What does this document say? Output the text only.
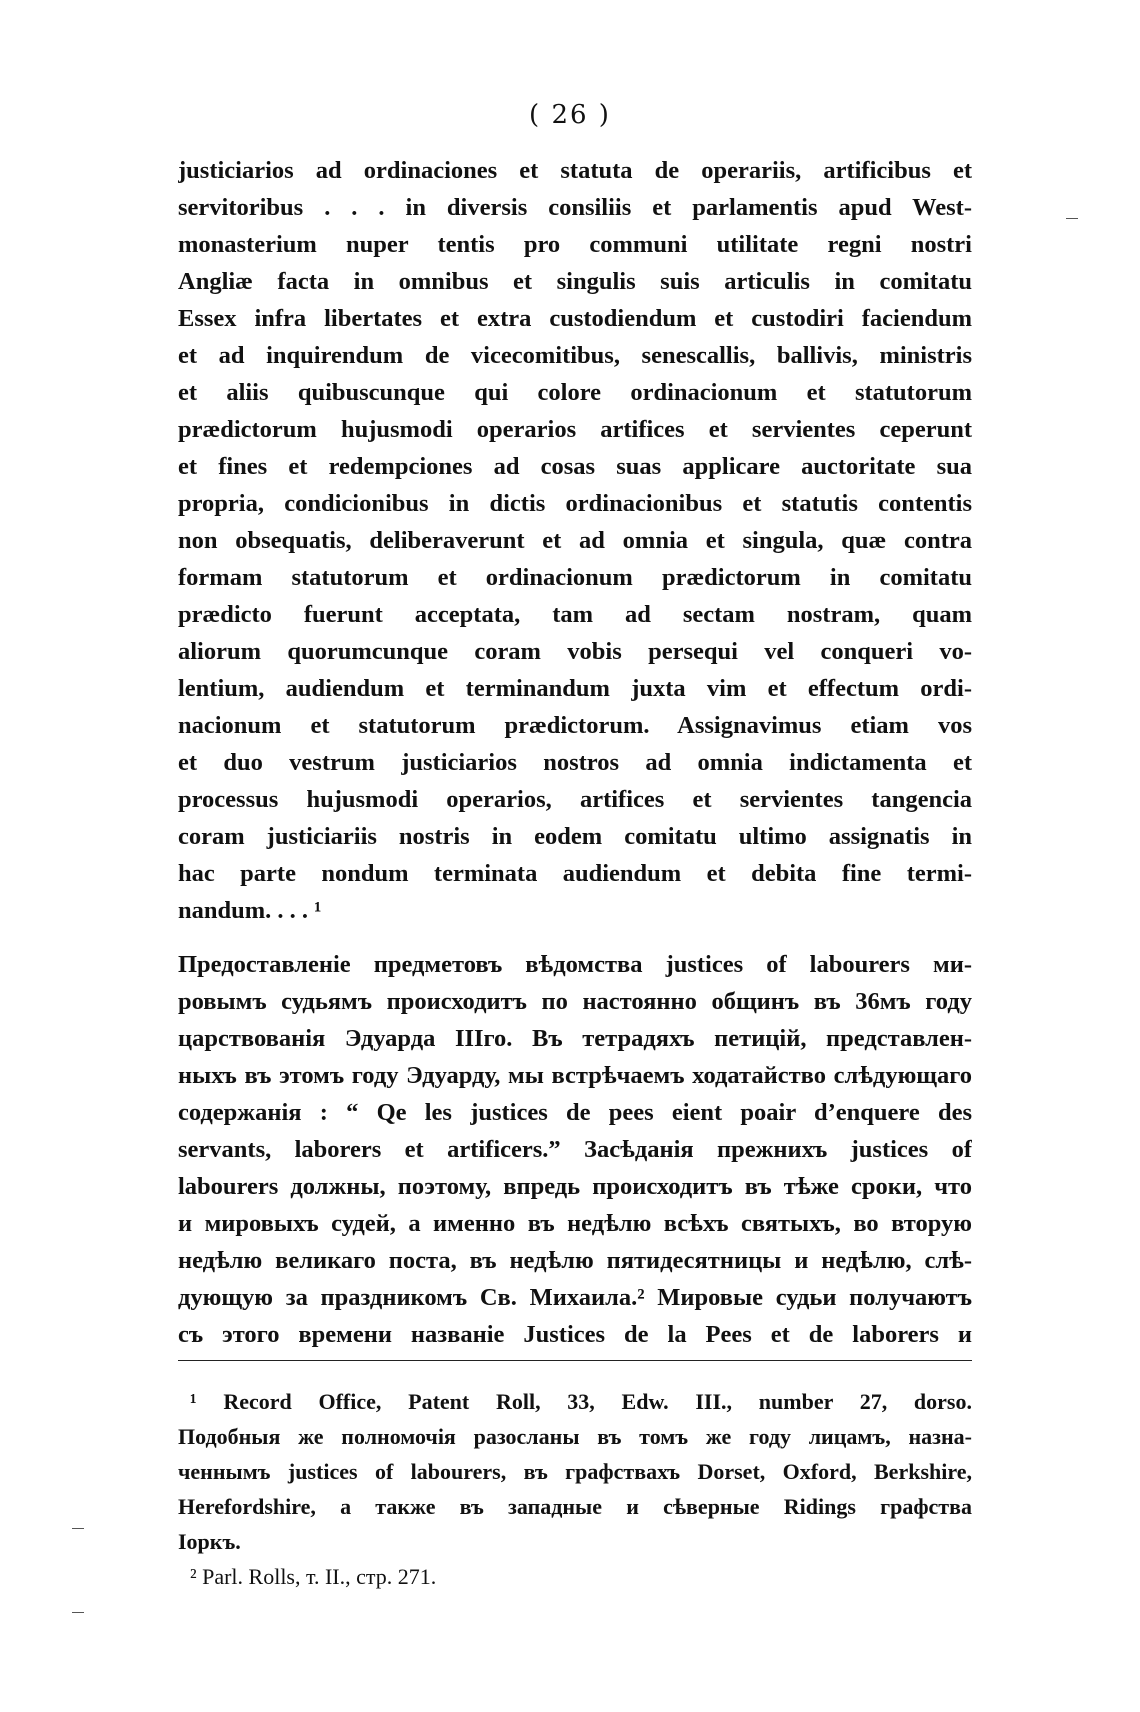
( 26 )
justiciarios ad ordinaciones et statuta de operariis, artificibus et
servitoribus . . . in diversis consiliis et parlamentis apud West-
monasterium nuper tentis pro communi utilitate regni nostri
Angliæ facta in omnibus et singulis suis articulis in comitatu
Essex infra libertates et extra custodiendum et custodiri faciendum
et ad inquirendum de vicecomitibus, senescallis, ballivis, ministris
et aliis quibuscunque qui colore ordinacionum et statutorum
prædictorum hujusmodi operarios artifices et servientes ceperunt
et fines et redempciones ad cosas suas applicare auctoritate sua
propria, condicionibus in dictis ordinacionibus et statutis contentis
non obsequatis, deliberaverunt et ad omnia et singula, quæ contra
formam statutorum et ordinacionum prædictorum in comitatu
prædicto fuerunt acceptata, tam ad sectam nostram, quam
aliorum quorumcunque coram vobis persequi vel conqueri vo-
lentium, audiendum et terminandum juxta vim et effectum ordi-
nacionum et statutorum prædictorum. Assignavimus etiam vos
et duo vestrum justiciarios nostros ad omnia indictamenta et
processus hujusmodi operarios, artifices et servientes tangencia
coram justiciariis nostris in eodem comitatu ultimo assignatis in
hac parte nondum terminata audiendum et debita fine termi-
nandum. . . . ¹
Предоставленіе предметовъ вѣдомства justices of labourers ми-
ровымъ судьямъ происходитъ по настоянно общинъ въ 36мъ году
царствованія Эдуарда IIIго. Въ тетрадяхъ петицій, представлен-
ныхъ въ этомъ году Эдуарду, мы встрѣчаемъ ходатайство слѣдующаго
содержанія : “ Qe les justices de pees eient poair d’enquere des
servants, laborers et artificers.” Засѣданія прежнихъ justices of
labourers должны, поэтому, впредь происходитъ въ тѣже сроки, что
и мировыхъ судей, а именно въ недѣлю всѣхъ святыхъ, во вторую
недѣлю великаго поста, въ недѣлю пятидесятницы и недѣлю, слѣ-
дующую за праздникомъ Св. Михаила.² Мировые судьи получаютъ
съ этого времени названіе Justices de la Pees et de laborers и
¹ Record Office, Patent Roll, 33, Edw. III., number 27, dorso.
Подобныя же полномочія разосланы въ томъ же году лицамъ, назна-
ченнымъ justices of labourers, въ графствахъ Dorset, Oxford, Berkshire,
Herefordshire, а также въ западные и сѣверные Ridings графства
Іоркъ.
² Parl. Rolls, т. II., стр. 271.
